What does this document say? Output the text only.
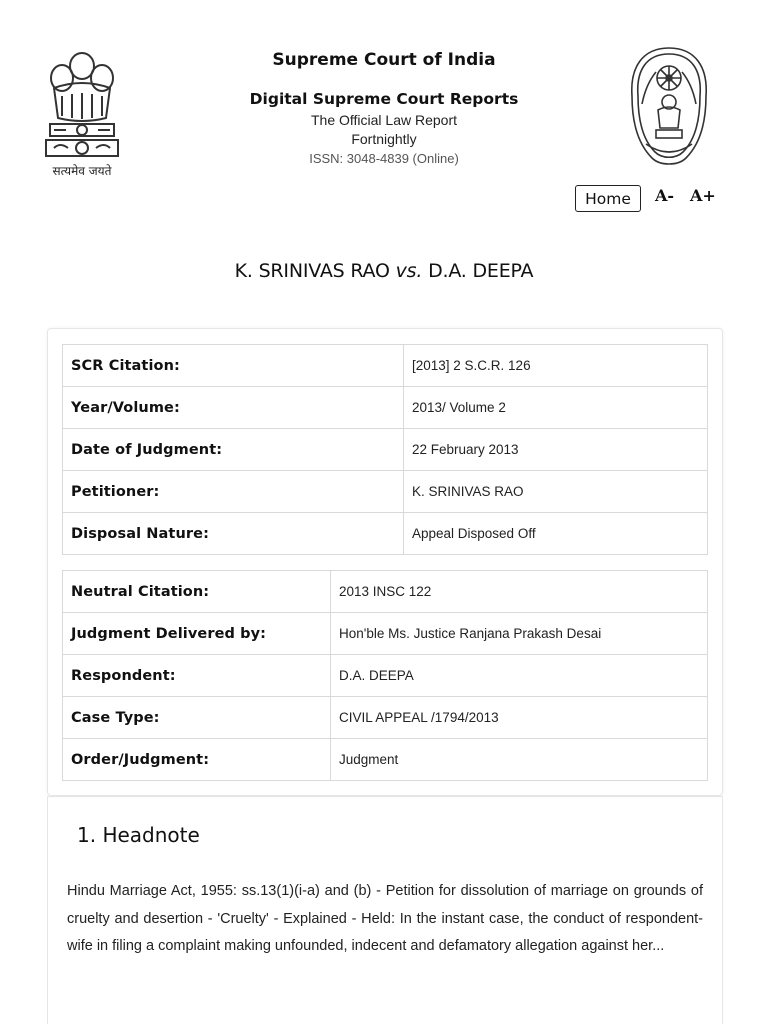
सत्यमेव जयते
Supreme Court of India
Digital Supreme Court Reports
The Official Law Report
Fortnightly
ISSN: 3048-4839 (Online)
Home	A- A+
K. SRINIVAS RAO vs. D.A. DEEPA
SCR Citation:	[2013] 2 S.C.R. 126
Year/Volume:	2013/ Volume 2
Date of Judgment:	22 February 2013
Petitioner:	K. SRINIVAS RAO
Disposal Nature:	Appeal Disposed Off
Neutral Citation:	2013 INSC 122
Judgment Delivered by:	Hon'ble Ms. Justice Ranjana Prakash Desai
Respondent:	D.A. DEEPA
Case Type:	CIVIL APPEAL /1794/2013
Order/Judgment:	Judgment
1. Headnote

Hindu Marriage Act, 1955: ss.13(1)(i-a) and (b) - Petition for dissolution of marriage on grounds of cruelty and desertion - 'Cruelty' - Explained - Held: In the instant case, the conduct of respondent-wife in filing a complaint making unfounded, indecent and defamatory allegation against her...
